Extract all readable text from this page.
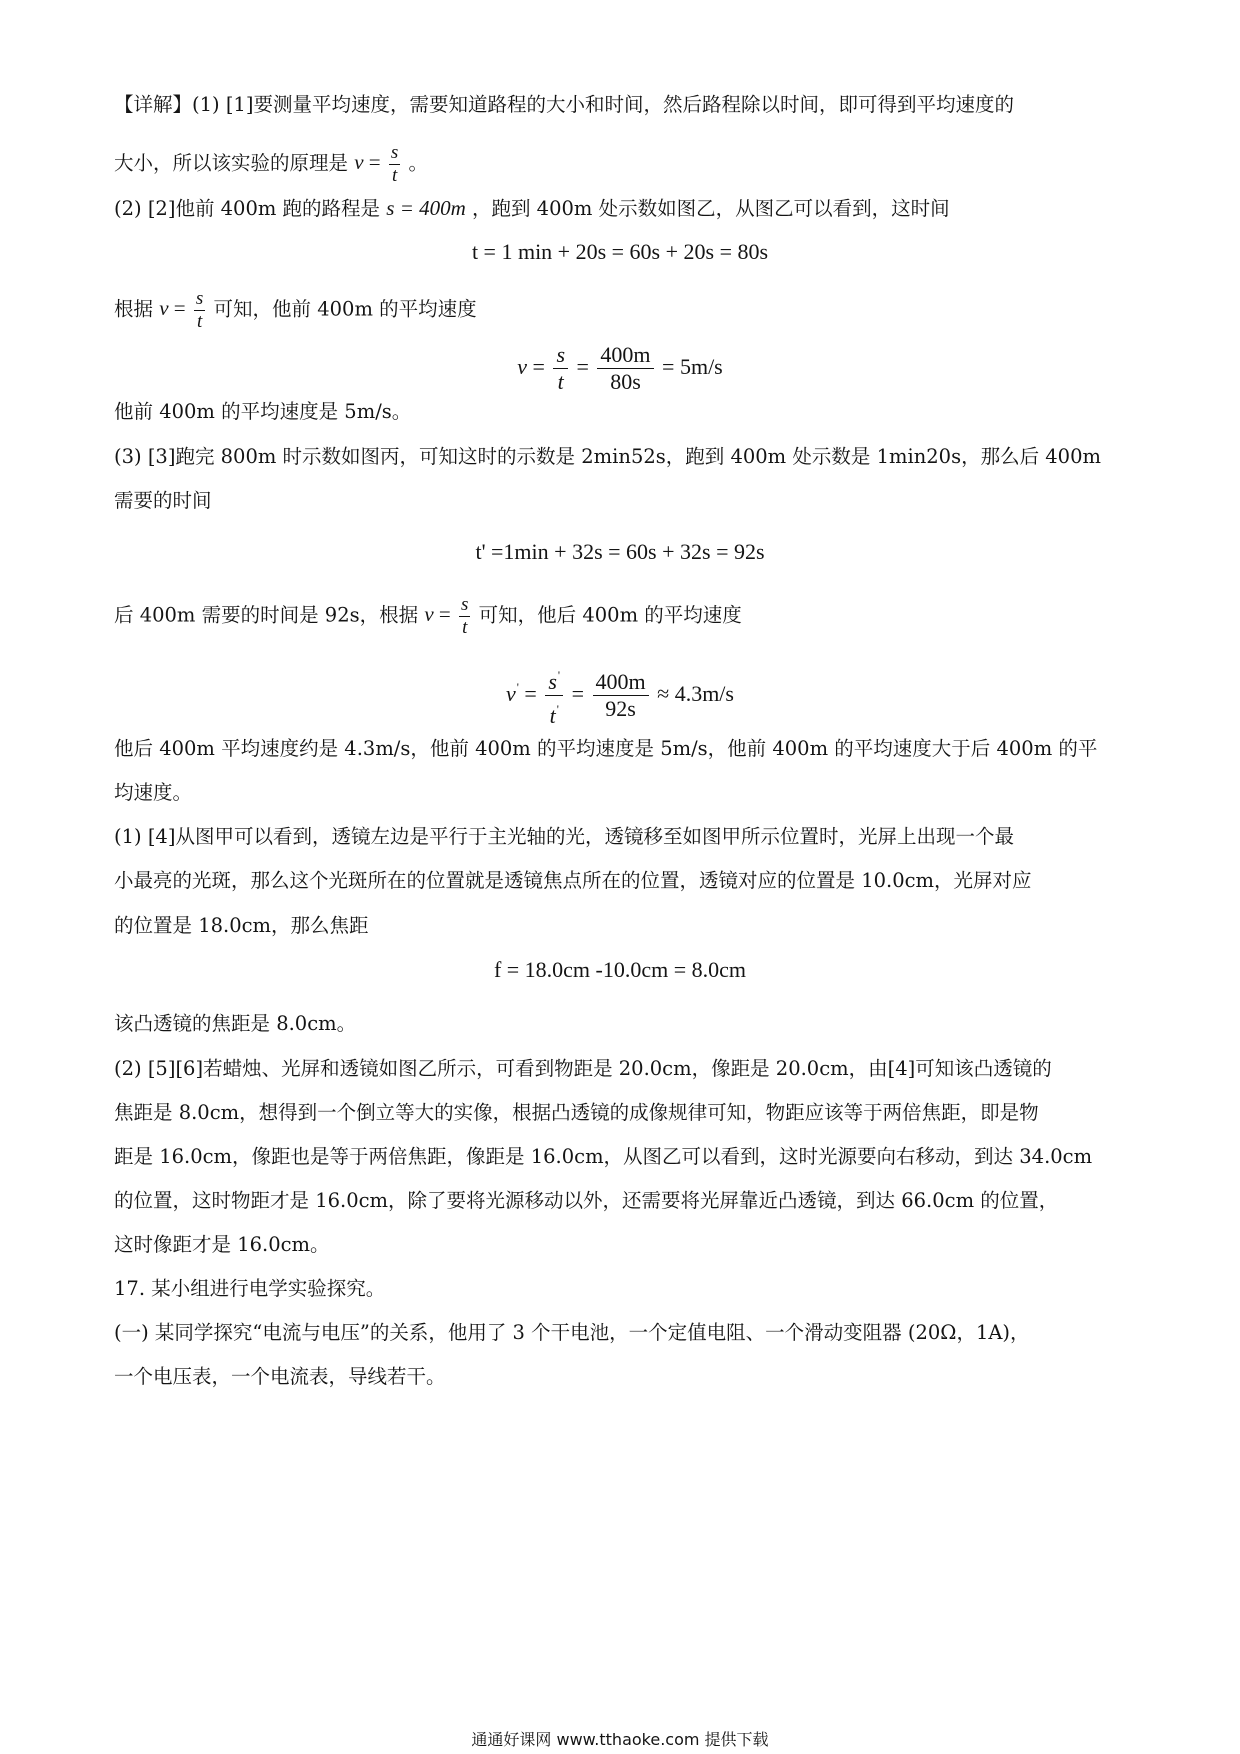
【详解】(1) [1]要测量平均速度，需要知道路程的大小和时间，然后路程除以时间，即可得到平均速度的
大小，所以该实验的原理是 $v = \frac{s}{t}$ 。
(2) [2]他前 400m 跑的路程是 s = 400m ，跑到 400m 处示数如图乙，从图乙可以看到，这时间
t = 1 min + 20s = 60s + 20s = 80s
根据 $v = \frac{s}{t}$ 可知，他前 400m 的平均速度
$v = \frac{s}{t} = \frac{400m}{80s} = 5m/s$
他前 400m 的平均速度是 5m/s。
(3) [3]跑完 800m 时示数如图丙，可知这时的示数是 2min52s，跑到 400m 处示数是 1min20s，那么后 400m
需要的时间
t' =1min + 32s = 60s + 32s = 92s
后 400m 需要的时间是 92s，根据 $v = \frac{s}{t}$ 可知，他后 400m 的平均速度
$v' = \frac{s'}{t'} = \frac{400m}{92s} \approx 4.3m/s$
他后 400m 平均速度约是 4.3m/s，他前 400m 的平均速度是 5m/s，他前 400m 的平均速度大于后 400m 的平
均速度。
(1) [4]从图甲可以看到，透镜左边是平行于主光轴的光，透镜移至如图甲所示位置时，光屏上出现一个最
小最亮的光斑，那么这个光斑所在的位置就是透镜焦点所在的位置，透镜对应的位置是 10.0cm，光屏对应
的位置是 18.0cm，那么焦距
f = 18.0cm -10.0cm = 8.0cm
该凸透镜的焦距是 8.0cm。
(2) [5][6]若蜡烛、光屏和透镜如图乙所示，可看到物距是 20.0cm，像距是 20.0cm，由[4]可知该凸透镜的
焦距是 8.0cm，想得到一个倒立等大的实像，根据凸透镜的成像规律可知，物距应该等于两倍焦距，即是物
距是 16.0cm，像距也是等于两倍焦距，像距是 16.0cm，从图乙可以看到，这时光源要向右移动，到达 34.0cm
的位置，这时物距才是 16.0cm，除了要将光源移动以外，还需要将光屏靠近凸透镜，到达 66.0cm 的位置，
这时像距才是 16.0cm。
17. 某小组进行电学实验探究。
(一) 某同学探究“电流与电压”的关系，他用了 3 个干电池，一个定值电阻、一个滑动变阻器 (20Ω，1A)，
一个电压表，一个电流表，导线若干。
通通好课网 www.tthaoke.com 提供下载
